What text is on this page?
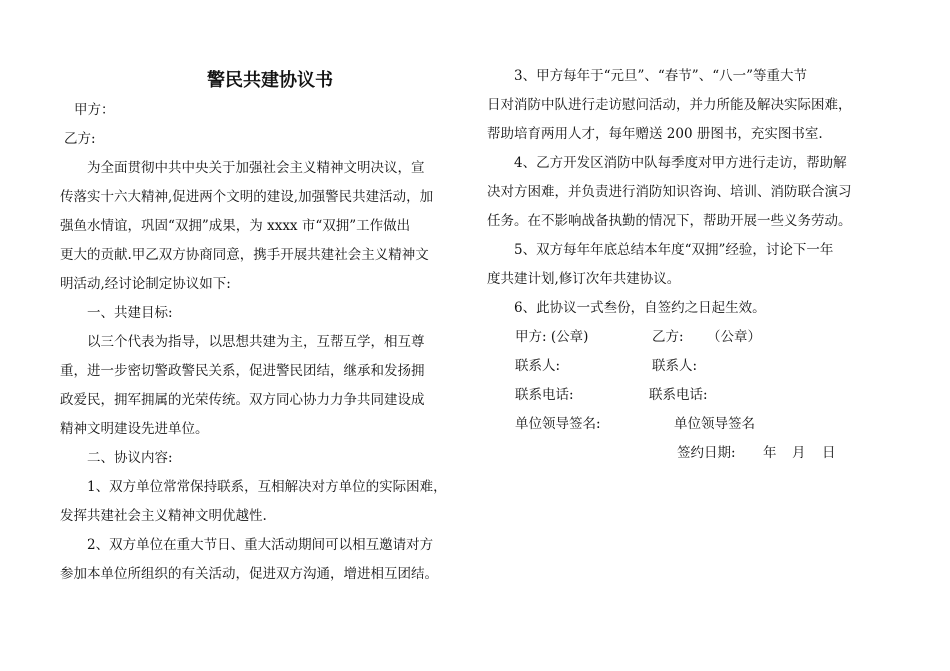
警民共建协议书

甲方：

乙方:

为全面贯彻中共中央关于加强社会主义精神文明决议，宣

传落实十六大精神,促进两个文明的建设,加强警民共建活动，加

强鱼水情谊，巩固“双拥”成果，为 xxxx 市“双拥”工作做出

更大的贡献.甲乙双方协商同意，携手开展共建社会主义精神文

明活动,经讨论制定协议如下:

一、共建目标:

以三个代表为指导，以思想共建为主，互帮互学，相互尊

重，进一步密切警政警民关系，促进警民团结，继承和发扬拥

政爱民，拥军拥属的光荣传统。双方同心协力力争共同建设成

精神文明建设先进单位。

二、协议内容:

1、双方单位常常保持联系，互相解决对方单位的实际困难，

发挥共建社会主义精神文明优越性.

2、双方单位在重大节日、重大活动期间可以相互邀请对方

参加本单位所组织的有关活动，促进双方沟通，增进相互团结。

3、甲方每年于“元旦”、“春节”、“八一”等重大节

日对消防中队进行走访慰问活动，并力所能及解决实际困难，

帮助培育两用人才，每年赠送 200 册图书，充实图书室.

4、乙方开发区消防中队每季度对甲方进行走访，帮助解

决对方困难，并负责进行消防知识咨询、培训、消防联合演习

任务。在不影响战备执勤的情况下，帮助开展一些义务劳动。

5、双方每年年底总结本年度“双拥”经验，讨论下一年

度共建计划,修订次年共建协议。

6、此协议一式叁份，自签约之日起生效。

甲方: (公章)	乙方: （公章）
联系人:	联系人:
联系电话:	联系电话:
单位领导签名:	单位领导签名
签约日期: 年 月 日
